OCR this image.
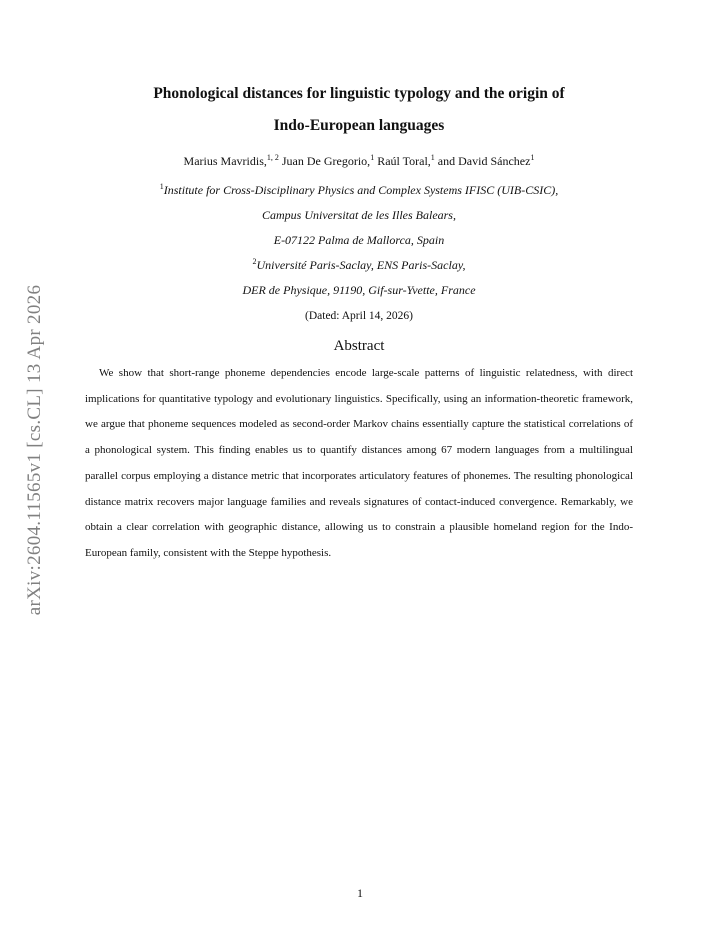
arXiv:2604.11565v1 [cs.CL] 13 Apr 2026
Phonological distances for linguistic typology and the origin of
Indo-European languages
Marius Mavridis,$^{1, 2}$ Juan De Gregorio,$^1$ Raúl Toral,$^1$ and David Sánchez$^1$
$^1$Institute for Cross-Disciplinary Physics and Complex Systems IFISC (UIB-CSIC),
Campus Universitat de les Illes Balears,
E-07122 Palma de Mallorca, Spain
$^2$Université Paris-Saclay, ENS Paris-Saclay,
DER de Physique, 91190, Gif-sur-Yvette, France
(Dated: April 14, 2026)
Abstract

We show that short-range phoneme dependencies encode large-scale patterns of linguistic relatedness, with direct implications for quantitative typology and evolutionary linguistics. Specifically, using an information-theoretic framework, we argue that phoneme sequences modeled as second-order Markov chains essentially capture the statistical correlations of a phonological system. This finding enables us to quantify distances among 67 modern languages from a multilingual parallel corpus employing a distance metric that incorporates articulatory features of phonemes. The resulting phonological distance matrix recovers major language families and reveals signatures of contact-induced convergence. Remarkably, we obtain a clear correlation with geographic distance, allowing us to constrain a plausible homeland region for the Indo-European family, consistent with the Steppe hypothesis.

1
